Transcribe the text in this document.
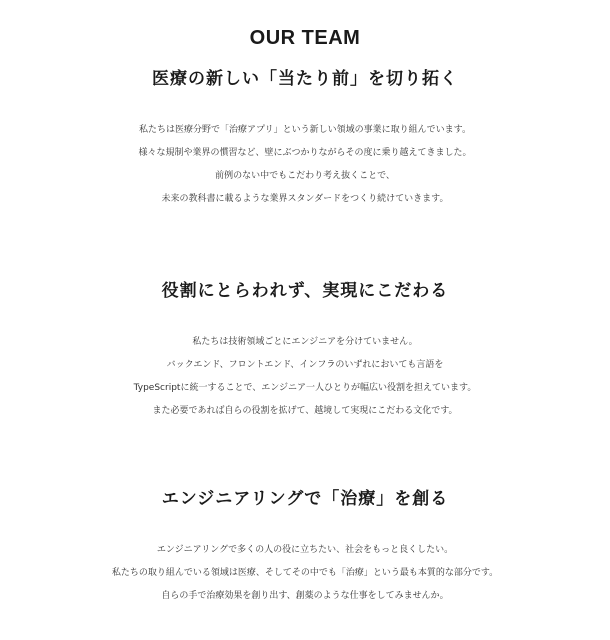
OUR TEAM
医療の新しい「当たり前」を切り拓く
私たちは医療分野で「治療アプリ」という新しい領域の事業に取り組んでいます。
様々な規制や業界の慣習など、壁にぶつかりながらその度に乗り越えてきました。
前例のない中でもこだわり考え抜くことで、
未来の教科書に載るような業界スタンダードをつくり続けていきます。
役割にとらわれず、実現にこだわる
私たちは技術領域ごとにエンジニアを分けていません。
バックエンド、フロントエンド、インフラのいずれにおいても言語を
TypeScriptに統一することで、エンジニア一人ひとりが幅広い役割を担えています。
また必要であれば自らの役割を拡げて、越境して実現にこだわる文化です。
エンジニアリングで「治療」を創る
エンジニアリングで多くの人の役に立ちたい、社会をもっと良くしたい。
私たちの取り組んでいる領域は医療、そしてその中でも「治療」という最も本質的な部分です。
自らの手で治療効果を創り出す、創薬のような仕事をしてみませんか。
